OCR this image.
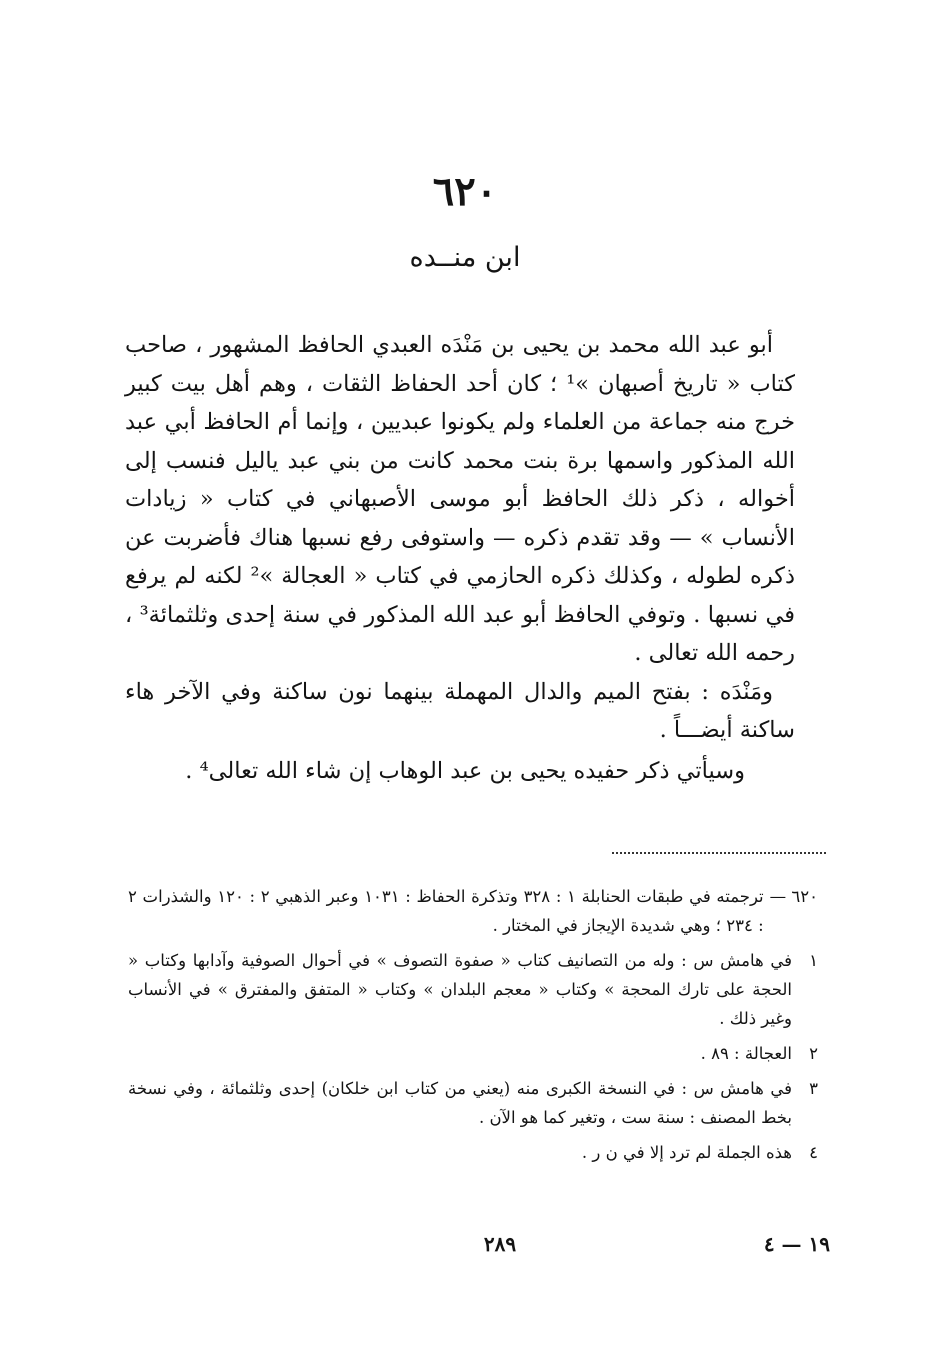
٦٢٠
ابن منــده

أبو عبد الله محمد بن يحيى بن مَنْدَه العبدي الحافظ المشهور ، صاحب كتاب « تاريخ أصبهان »¹ ؛ كان أحد الحفاظ الثقات ، وهم أهل بيت كبير خرج منه جماعة من العلماء ولم يكونوا عبديين ، وإنما أم الحافظ أبي عبد الله المذكور واسمها برة بنت محمد كانت من بني عبد ياليل فنسب إلى أخواله ، ذكر ذلك الحافظ أبو موسى الأصبهاني في كتاب « زيادات الأنساب » — وقد تقدم ذكره — واستوفى رفع نسبها هناك فأضربت عن ذكره لطوله ، وكذلك ذكره الحازمي في كتاب « العجالة »² لكنه لم يرفع في نسبها . وتوفي الحافظ أبو عبد الله المذكور في سنة إحدى وثلثمائة³ ، رحمه الله تعالى .

ومَنْدَه : بفتح الميم والدال المهملة بينهما نون ساكنة وفي الآخر هاء ساكنة أيضـــاً .

وسيأتي ذكر حفيده يحيى بن عبد الوهاب إن شاء الله تعالى⁴ .

٦٢٠ —
ترجمته في طبقات الحنابلة ١ : ٣٢٨ وتذكرة الحفاظ : ١٠٣١ وعبر الذهبي ٢ : ١٢٠ والشذرات ٢ : ٢٣٤ ؛ وهي شديدة الإيجاز في المختار .
١
في هامش س : وله من التصانيف كتاب « صفوة التصوف » في أحوال الصوفية وآدابها وكتاب « الحجة على تارك المحجة » وكتاب « معجم البلدان » وكتاب « المتفق والمفترق » في الأنساب وغير ذلك .
٢
العجالة : ٨٩ .
٣
في هامش س : في النسخة الكبرى منه (يعني من كتاب ابن خلكان) إحدى وثلثمائة ، وفي نسخة بخط المصنف : سنة ست ، وتغير كما هو الآن .
٤
هذه الجملة لم ترد إلا في ن ر .
٢٨٩	١٩ — ٤
